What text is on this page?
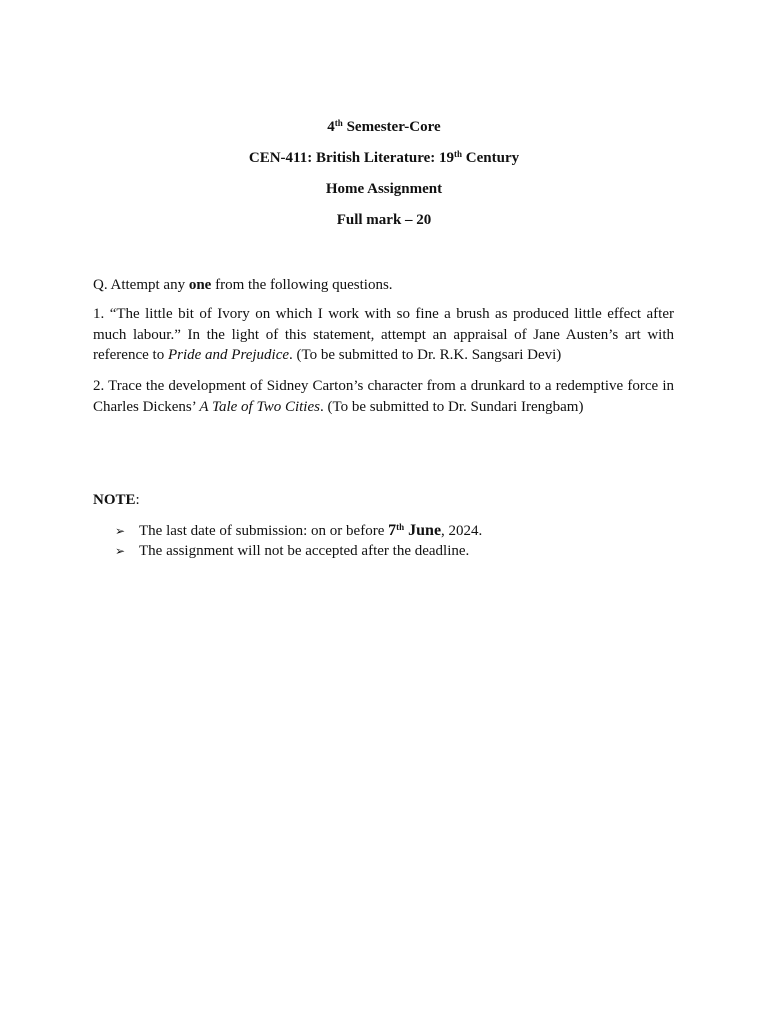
4th Semester-Core
CEN-411: British Literature: 19th Century
Home Assignment
Full mark – 20
Q. Attempt any one from the following questions.
1. “The little bit of Ivory on which I work with so fine a brush as produced little effect after much labour.” In the light of this statement, attempt an appraisal of Jane Austen’s art with reference to Pride and Prejudice. (To be submitted to Dr. R.K. Sangsari Devi)
2. Trace the development of Sidney Carton’s character from a drunkard to a redemptive force in Charles Dickens’ A Tale of Two Cities. (To be submitted to Dr. Sundari Irengbam)
NOTE:
➢ The last date of submission: on or before 7th June, 2024.
➢ The assignment will not be accepted after the deadline.
